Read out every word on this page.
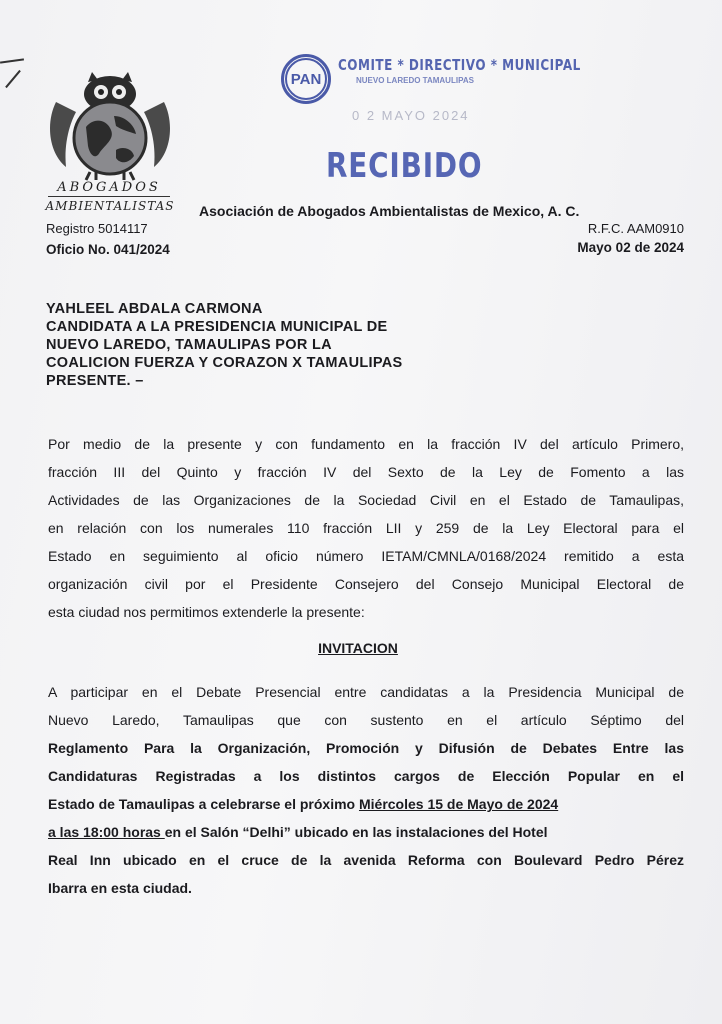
ABOGADOS
AMBIENTALISTAS
Registro 5014117
Oficio No. 041/2024
Asociación de Abogados Ambientalistas de Mexico, A. C.
R.F.C. AAM0910
Mayo 02 de 2024
PAN
COMITE * DIRECTIVO * MUNICIPAL
NUEVO LAREDO TAMAULIPAS
0 2 MAYO 2024
RECIBIDO
YAHLEEL ABDALA CARMONA
CANDIDATA A LA PRESIDENCIA MUNICIPAL DE
NUEVO LAREDO, TAMAULIPAS POR LA
COALICION FUERZA Y CORAZON X TAMAULIPAS
PRESENTE. –
Por medio de la presente y con fundamento en la fracción IV del artículo Primero,
fracción III del Quinto y fracción IV del Sexto de la Ley de Fomento a las
Actividades de las Organizaciones de la Sociedad Civil en el Estado de Tamaulipas,
en relación con los numerales 110 fracción LII y 259 de la Ley Electoral para el
Estado en seguimiento al oficio número IETAM/CMNLA/0168/2024 remitido a esta
organización civil por el Presidente Consejero del Consejo Municipal Electoral de
esta ciudad nos permitimos extenderle la presente:
INVITACION
A participar en el Debate Presencial entre candidatas a la Presidencia Municipal de
Nuevo Laredo, Tamaulipas que con sustento en el artículo Séptimo del
Reglamento Para la Organización, Promoción y Difusión de Debates Entre las
Candidaturas Registradas a los distintos cargos de Elección Popular en el
Estado de Tamaulipas a celebrarse el próximo Miércoles 15 de Mayo de 2024
a las 18:00 horas en el Salón “Delhi” ubicado en las instalaciones del Hotel
Real Inn ubicado en el cruce de la avenida Reforma con Boulevard Pedro Pérez
Ibarra en esta ciudad.
